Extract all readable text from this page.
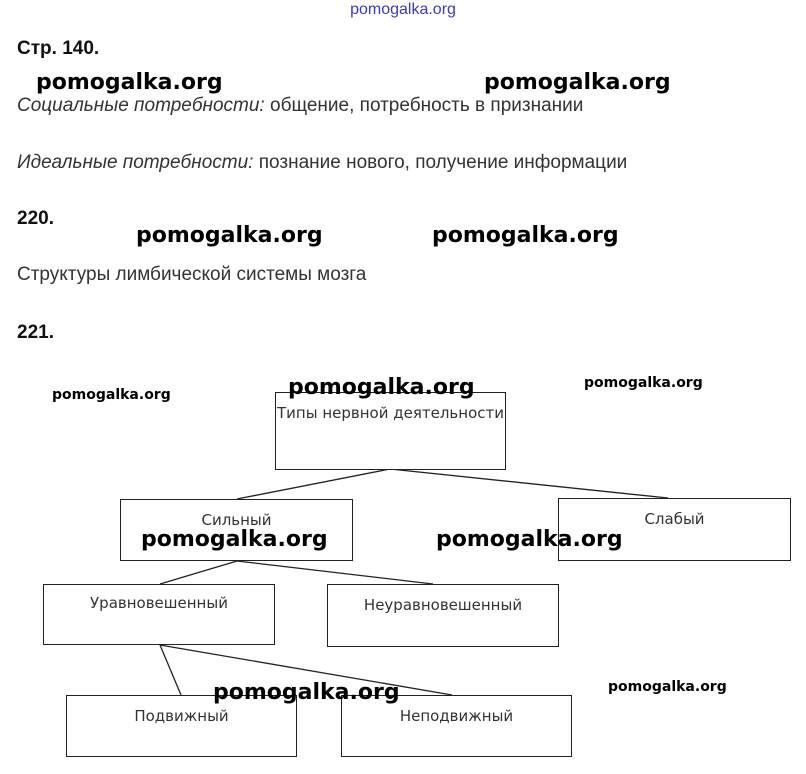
pomogalka.org
Стр. 140.
Социальные потребности: общение, потребность в признании
Идеальные потребности: познание нового, получение информации
220.
Структуры лимбической системы мозга
221.
Типы нервной деятельности
Сильный	Слабый
Уравновешенный	Неуравновешенный
Подвижный	Неподвижный
pomogalka.org	pomogalka.org
pomogalka.org	pomogalka.org
pomogalka.org	pomogalka.org	pomogalka.org
pomogalka.org	pomogalka.org
pomogalka.org	pomogalka.org
